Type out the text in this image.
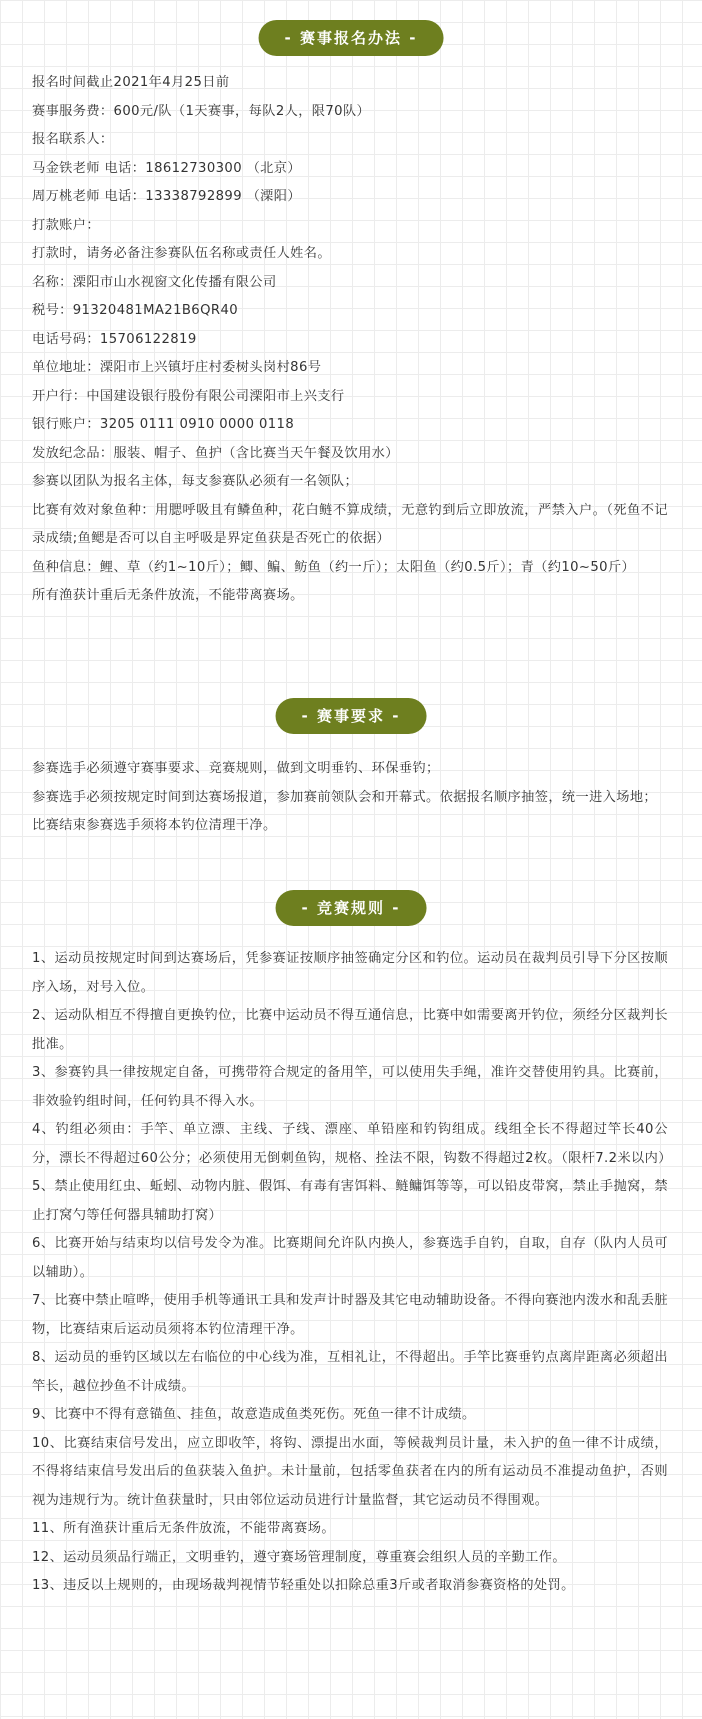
- 赛事报名办法 -

报名时间截止2021年4月25日前

赛事服务费：600元/队（1天赛事，每队2人，限70队）

报名联系人：

马金铁老师 电话：18612730300 （北京）

周万桃老师 电话：13338792899 （溧阳）

打款账户：

打款时，请务必备注参赛队伍名称或责任人姓名。

名称：溧阳市山水视窗文化传播有限公司

税号：91320481MA21B6QR40

电话号码：15706122819

单位地址：溧阳市上兴镇圩庄村委树头岗村86号

开户行：中国建设银行股份有限公司溧阳市上兴支行

银行账户：3205 0111 0910 0000 0118

发放纪念品：服装、帽子、鱼护（含比赛当天午餐及饮用水）

参赛以团队为报名主体，每支参赛队必须有一名领队；

比赛有效对象鱼种：用腮呼吸且有鳞鱼种，花白鲢不算成绩，无意钓到后立即放流，严禁入户。（死鱼不记录成绩;鱼鳃是否可以自主呼吸是界定鱼获是否死亡的依据）

鱼种信息：鲤、草（约1~10斤）；鲫、鳊、鲂鱼（约一斤）；太阳鱼（约0.5斤）；青（约10~50斤）

所有渔获计重后无条件放流，不能带离赛场。

- 赛事要求 -

参赛选手必须遵守赛事要求、竞赛规则，做到文明垂钓、环保垂钓；

参赛选手必须按规定时间到达赛场报道，参加赛前领队会和开幕式。依据报名顺序抽签，统一进入场地；

比赛结束参赛选手须将本钓位清理干净。

- 竞赛规则 -

1、运动员按规定时间到达赛场后，凭参赛证按顺序抽签确定分区和钓位。运动员在裁判员引导下分区按顺序入场，对号入位。

2、运动队相互不得擅自更换钓位，比赛中运动员不得互通信息，比赛中如需要离开钓位，须经分区裁判长批准。

3、参赛钓具一律按规定自备，可携带符合规定的备用竿，可以使用失手绳，准许交替使用钓具。比赛前，非效验钓组时间，任何钓具不得入水。

4、钓组必须由：手竿、单立漂、主线、子线、漂座、单铅座和钓钩组成。线组全长不得超过竿长40公分，漂长不得超过60公分；必须使用无倒刺鱼钩，规格、拴法不限，钩数不得超过2枚。（限杆7.2米以内）

5、禁止使用红虫、蚯蚓、动物内脏、假饵、有毒有害饵料、鲢鳙饵等等，可以铅皮带窝，禁止手抛窝，禁止打窝勺等任何器具辅助打窝）

6、比赛开始与结束均以信号发令为准。比赛期间允许队内换人，参赛选手自钓，自取，自存（队内人员可以辅助）。

7、比赛中禁止喧哗，使用手机等通讯工具和发声计时器及其它电动辅助设备。不得向赛池内泼水和乱丢脏物，比赛结束后运动员须将本钓位清理干净。

8、运动员的垂钓区域以左右临位的中心线为准，互相礼让，不得超出。手竿比赛垂钓点离岸距离必须超出竿长，越位抄鱼不计成绩。

9、比赛中不得有意锚鱼、挂鱼，故意造成鱼类死伤。死鱼一律不计成绩。

10、比赛结束信号发出，应立即收竿，将钩、漂提出水面，等候裁判员计量，未入护的鱼一律不计成绩，不得将结束信号发出后的鱼获装入鱼护。未计量前，包括零鱼获者在内的所有运动员不准提动鱼护，否则视为违规行为。统计鱼获量时，只由邻位运动员进行计量监督，其它运动员不得围观。

11、所有渔获计重后无条件放流，不能带离赛场。

12、运动员须品行端正，文明垂钓，遵守赛场管理制度，尊重赛会组织人员的辛勤工作。

13、违反以上规则的，由现场裁判视情节轻重处以扣除总重3斤或者取消参赛资格的处罚。
